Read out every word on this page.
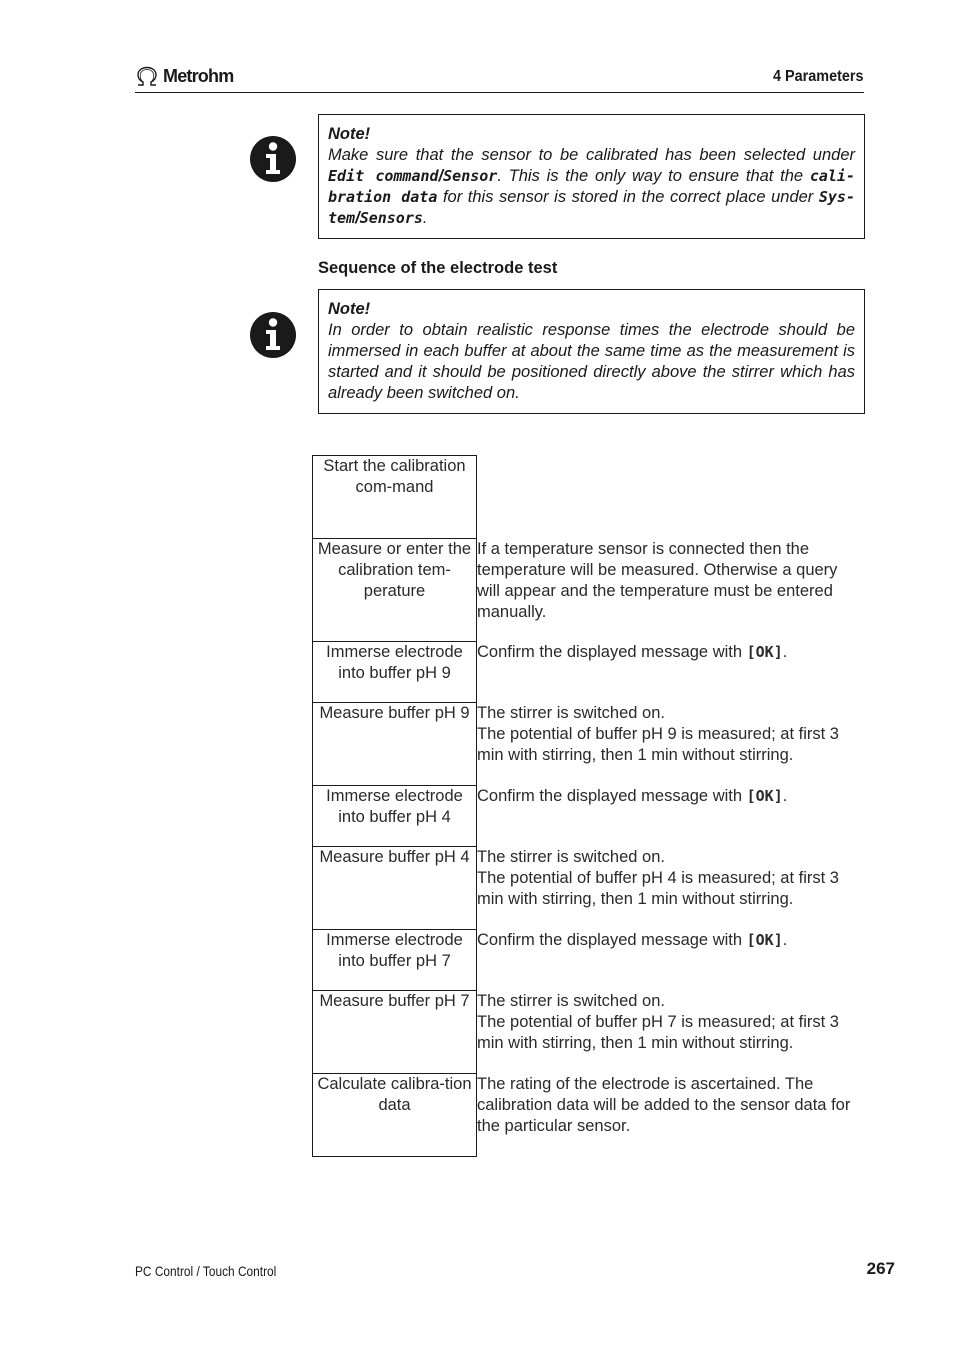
Metrohm	4 Parameters
Note!
Make sure that the sensor to be calibrated has been selected under Edit command/Sensor. This is the only way to ensure that the cali-bration data for this sensor is stored in the correct place under Sys-tem/Sensors.
Sequence of the electrode test
Note!
In order to obtain realistic response times the electrode should be immersed in each buffer at about the same time as the measurement is started and it should be positioned directly above the stirrer which has already been switched on.
Start the calibration com-mand	
Measure or enter the calibration tem-perature	If a temperature sensor is connected then the temperature will be measured. Otherwise a query will appear and the temperature must be entered manually.
Immerse electrode into buffer pH 9	Confirm the displayed message with [OK].
Measure buffer pH 9	The stirrer is switched on.
The potential of buffer pH 9 is measured; at first 3 min with stirring, then 1 min without stirring.

Immerse electrode into buffer pH 4	Confirm the displayed message with [OK].
Measure buffer pH 4	The stirrer is switched on.
The potential of buffer pH 4 is measured; at first 3 min with stirring, then 1 min without stirring.

Immerse electrode into buffer pH 7	Confirm the displayed message with [OK].
Measure buffer pH 7	The stirrer is switched on.
The potential of buffer pH 7 is measured; at first 3 min with stirring, then 1 min without stirring.

Calculate calibra-tion data	The rating of the electrode is ascertained. The calibration data will be added to the sensor data for the particular sensor.
PC Control / Touch Control	267
